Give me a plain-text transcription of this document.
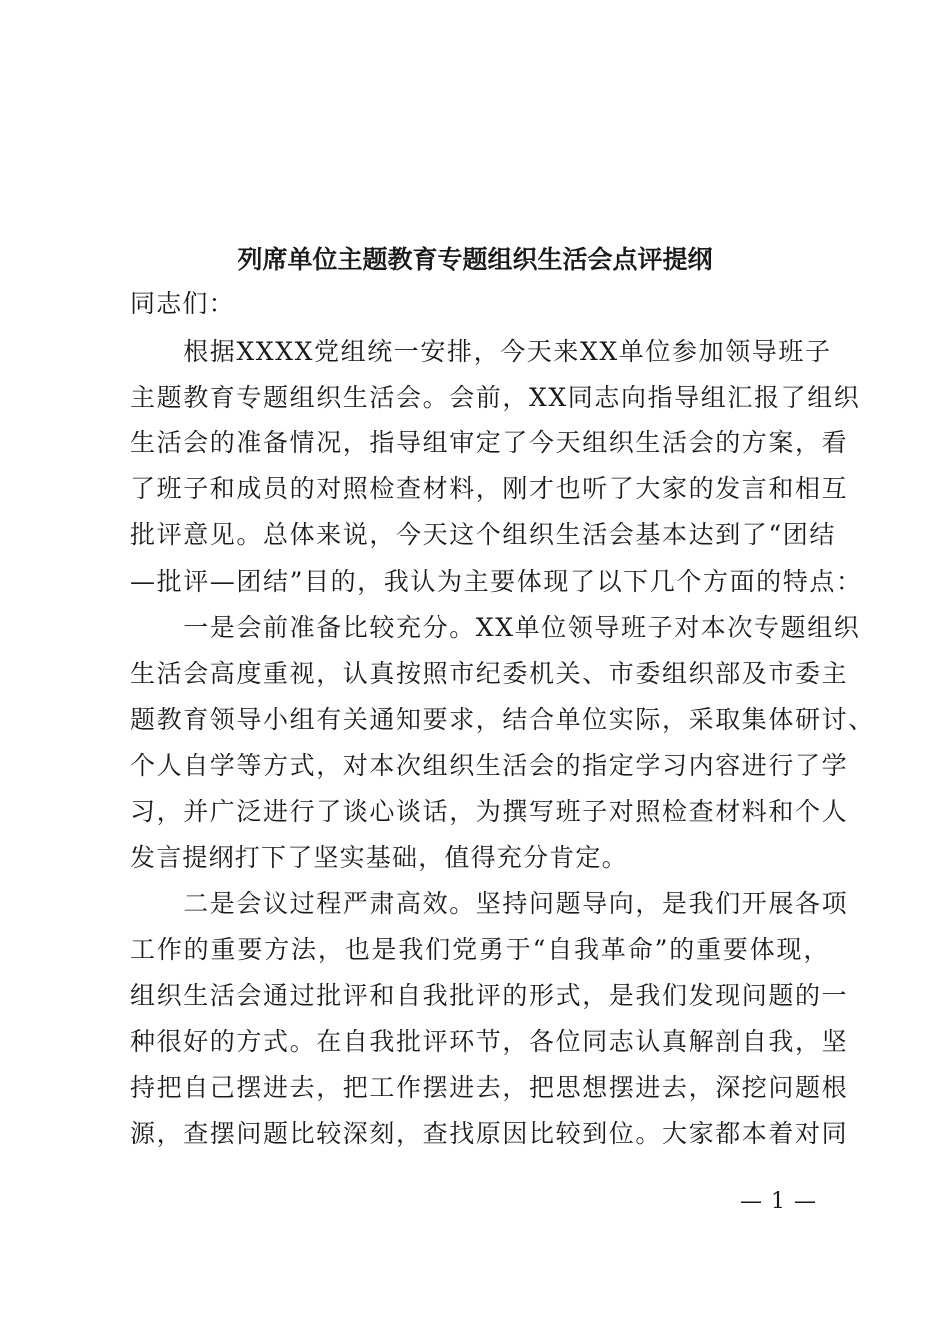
列席单位主题教育专题组织生活会点评提纲
同志们：
　　根据XXXX党组统一安排，今天来XX单位参加领导班子
主题教育专题组织生活会。会前，XX同志向指导组汇报了组织
生活会的准备情况，指导组审定了今天组织生活会的方案，看
了班子和成员的对照检查材料，刚才也听了大家的发言和相互
批评意见。总体来说，今天这个组织生活会基本达到了“团结
—批评—团结”目的，我认为主要体现了以下几个方面的特点：
　　一是会前准备比较充分。XX单位领导班子对本次专题组织
生活会高度重视，认真按照市纪委机关、市委组织部及市委主
题教育领导小组有关通知要求，结合单位实际，采取集体研讨、
个人自学等方式，对本次组织生活会的指定学习内容进行了学
习，并广泛进行了谈心谈话，为撰写班子对照检查材料和个人
发言提纲打下了坚实基础，值得充分肯定。
　　二是会议过程严肃高效。坚持问题导向，是我们开展各项
工作的重要方法，也是我们党勇于“自我革命”的重要体现，
组织生活会通过批评和自我批评的形式，是我们发现问题的一
种很好的方式。在自我批评环节，各位同志认真解剖自我，坚
持把自己摆进去，把工作摆进去，把思想摆进去，深挖问题根
源，查摆问题比较深刻，查找原因比较到位。大家都本着对同
— 1 —
